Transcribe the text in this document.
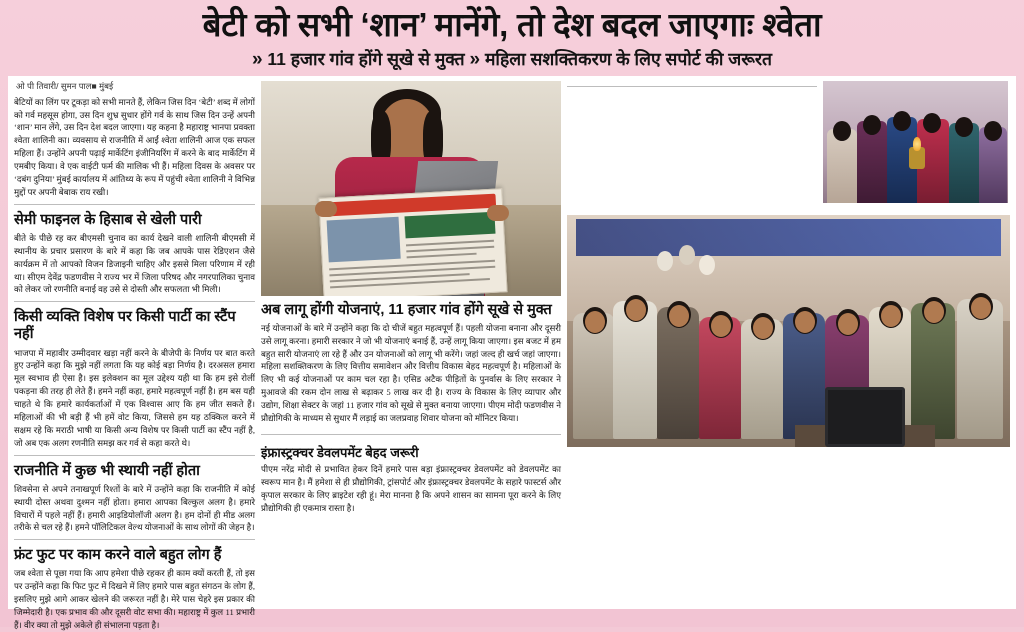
बेटी को सभी ‘शान’ मानेंगे, तो देश बदल जाएगाः श्वेता
» 11 हजार गांव होंगे सूखे से मुक्त » महिला सशक्तिकरण के लिए सपोर्ट की जरूरत
ओ पी तिवारी/ सुमन पाल■ मुंबई

बेटियों का लिंग पर टूकड़ा को सभी मानते हैं, लेकिन जिस दिन ‘बेटी’ शब्द में लोगों को गर्व महसूस होगा, उस दिन शुभ्र सुधार होंगे गर्व के साथ जिस दिन उन्हें अपनी ‘शान’ मान लेंगे, उस दिन देश बदल जाएगा। यह कहना है महाराष्ट्र भानपा प्रवक्ता श्वेता शालिनी का। व्यवसाय से राजनीति में आईं श्वेता शालिनी आज एक सफल महिला हैं। उन्होंने अपनी पढ़ाई मार्केटिंग इंजीनियरिंग में करने के बाद मार्केटिंग में एमबीए किया। वे एक वाईटी फर्म की मालिक भी हैं। महिला दिवस के अवसर पर ‘दबंग दुनिया’ मुंबई कार्यालय में आंतिथ्य के रूप में पहुंची श्वेता शालिनी ने विभिन्न मुद्दों पर अपनी बेबाक राय रखी।

सेमी फाइनल के हिसाब से खेली पारी

बीते के पीछे रह कर बीएमसी चुनाव का कार्य देखने वाली शालिनी बीएमसी में स्थानीय के प्रचार प्रसारण के बारे में कहा कि जब आपके पास रेडिएशन जैसे कार्यक्रम में तो आपको विजन डिजाइनी चाहिए और इससे मिला परिणाम में रही था। सीएम देवेंद्र फडणवीस ने राज्य भर में जिला परिषद और नगरपालिका चुनाव को लेकर जो रणनीति बनाई वह उसे से दोस्ती और सफलता भी मिली।

किसी व्यक्ति विशेष पर किसी पार्टी का स्टैंप नहीं

भाजपा में महावीर उम्मीदवार खड़ा नहीं करने के बीजेपी के निर्णय पर बात करते हुए उन्होंने कहा कि मुझे नहीं लगता कि यह कोई बड़ा निर्णय है। दरअसल हमारा मूल स्वभाव ही ऐसा है। इस इलेक्शन का मूल उद्देश्य यही था कि हम इसे रोलीं पकड़ना की तरह ही लेते हैं। हमने नहीं कहा, हमारे महत्वपूर्ण नहीं है। हम बस यही चाहते थे कि हमारे कार्यकर्ताओं में एक विश्वास आए कि हम जीत सकते हैं। महिलाओं की भी बड़ी हैं भी हमें वोट किया, जिससे हम यह ठक्किल करने में सक्षम रहे कि मराठी भाषी या किसी अन्य विशेष पर किसी पार्टी का स्टैंप नहीं है, जो अब एक अलग रणनीति समझ कर गर्व से कहा करते थे।

राजनीति में कुछ भी स्थायी नहीं होता

शिवसेना से अपने तनाखपूर्ण रिश्तों के बारे में उन्होंने कहा कि राजनीति में कोई स्थायी दोस्त अथवा दुश्मन नहीं होता। हमारा आपका बिल्कुल अलग है। हमारे विचारों में पहले नहीं हैं। हमारी आइडियोलॉजी अलग है। हम दोनों ही मीड अलग तरीके से चल रहे हैं। हमने पॉलिटिकल वेल्थ योजनाओं के साथ लोगों की जेहन है।

फ्रंट फुट पर काम करने वाले बहुत लोग हैं

जब श्वेता से पूछा गया कि आप हमेशा पीछे रहकर ही काम क्यों करती हैं, तो इस पर उन्होंने कहा कि फिट फुट में दिखने में लिए हमारे पास बहुत संगठन के लोग हैं, इसलिए मुझे आगे आकर खेलने की जरूरत नहीं है। मेरे पास चेहरे इस प्रकार की जिम्मेदारी है। एक प्रभाव की और दूसरी वोट सभा की। महाराष्ट्र में कुल 11 प्रभारी हैं। वीर क्या तो मुझे अकेले ही संभालना पड़ता है।

अब लागू होंगी योजनाएं, 11 हजार गांव होंगे सूखे से मुक्त

नई योजनाओं के बारे में उन्होंने कहा कि दो चीजें बहुत महत्वपूर्ण हैं। पहली योजना बनाना और दूसरी उसे लागू करना। हमारी सरकार ने जो भी योजनाएं बनाई हैं, उन्हें लागू किया जाएगा। इस बजट में हम बहुत सारी योजनाएं ला रहे हैं और उन योजनाओं को लागू भी करेंगे। जहां जल्द ही खर्च जहां जाएगा। महिला सशक्तिकरण के लिए वित्तीय समावेशन और वित्तीय विकास बेहद महत्वपूर्ण है। महिलाओं के लिए भी कई योजनाओं पर काम चल रहा है। एसिड अटैक पीड़ितों के पुनर्वास के लिए सरकार ने मुआवजे की रकम दोन लाख से बढ़ाकर 5 लाख कर दी है। राज्य के विकास के लिए व्यापार और उद्योग, शिक्षा सेक्टर के जहां 11 हजार गांव को सूखे से मुक्त बनाया जाएगा। पीएम मोदी फडणवीस ने प्रौद्योगिकी के माध्यम से सुधार मैं लड़ाई का जलप्रवाह शिवार योजना को मॉनिटर किया।

इंफ्रास्ट्रक्चर डेवलपमेंट बेहद जरूरी

पीएम नरेंद्र मोदी से प्रभावित हेकर दिनें हमारे पास बड़ा इंफ्रास्ट्रक्चर डेवलपमेंट को डेवलपमेंट का स्वरूप मान है। मैं हमेशा से ही प्रौद्योगिकी, ट्रांसपोर्ट और इंफ्रास्ट्रक्चर डेवलपमेंट के सहारे फास्टर्स और कृपाल सरकार के लिए ब्राइटेश रही हूं। मेरा मानना है कि अपने शासन का सामना पूरा करने के लिए प्रौद्योगिकी ही एकमात्र रास्ता है।
